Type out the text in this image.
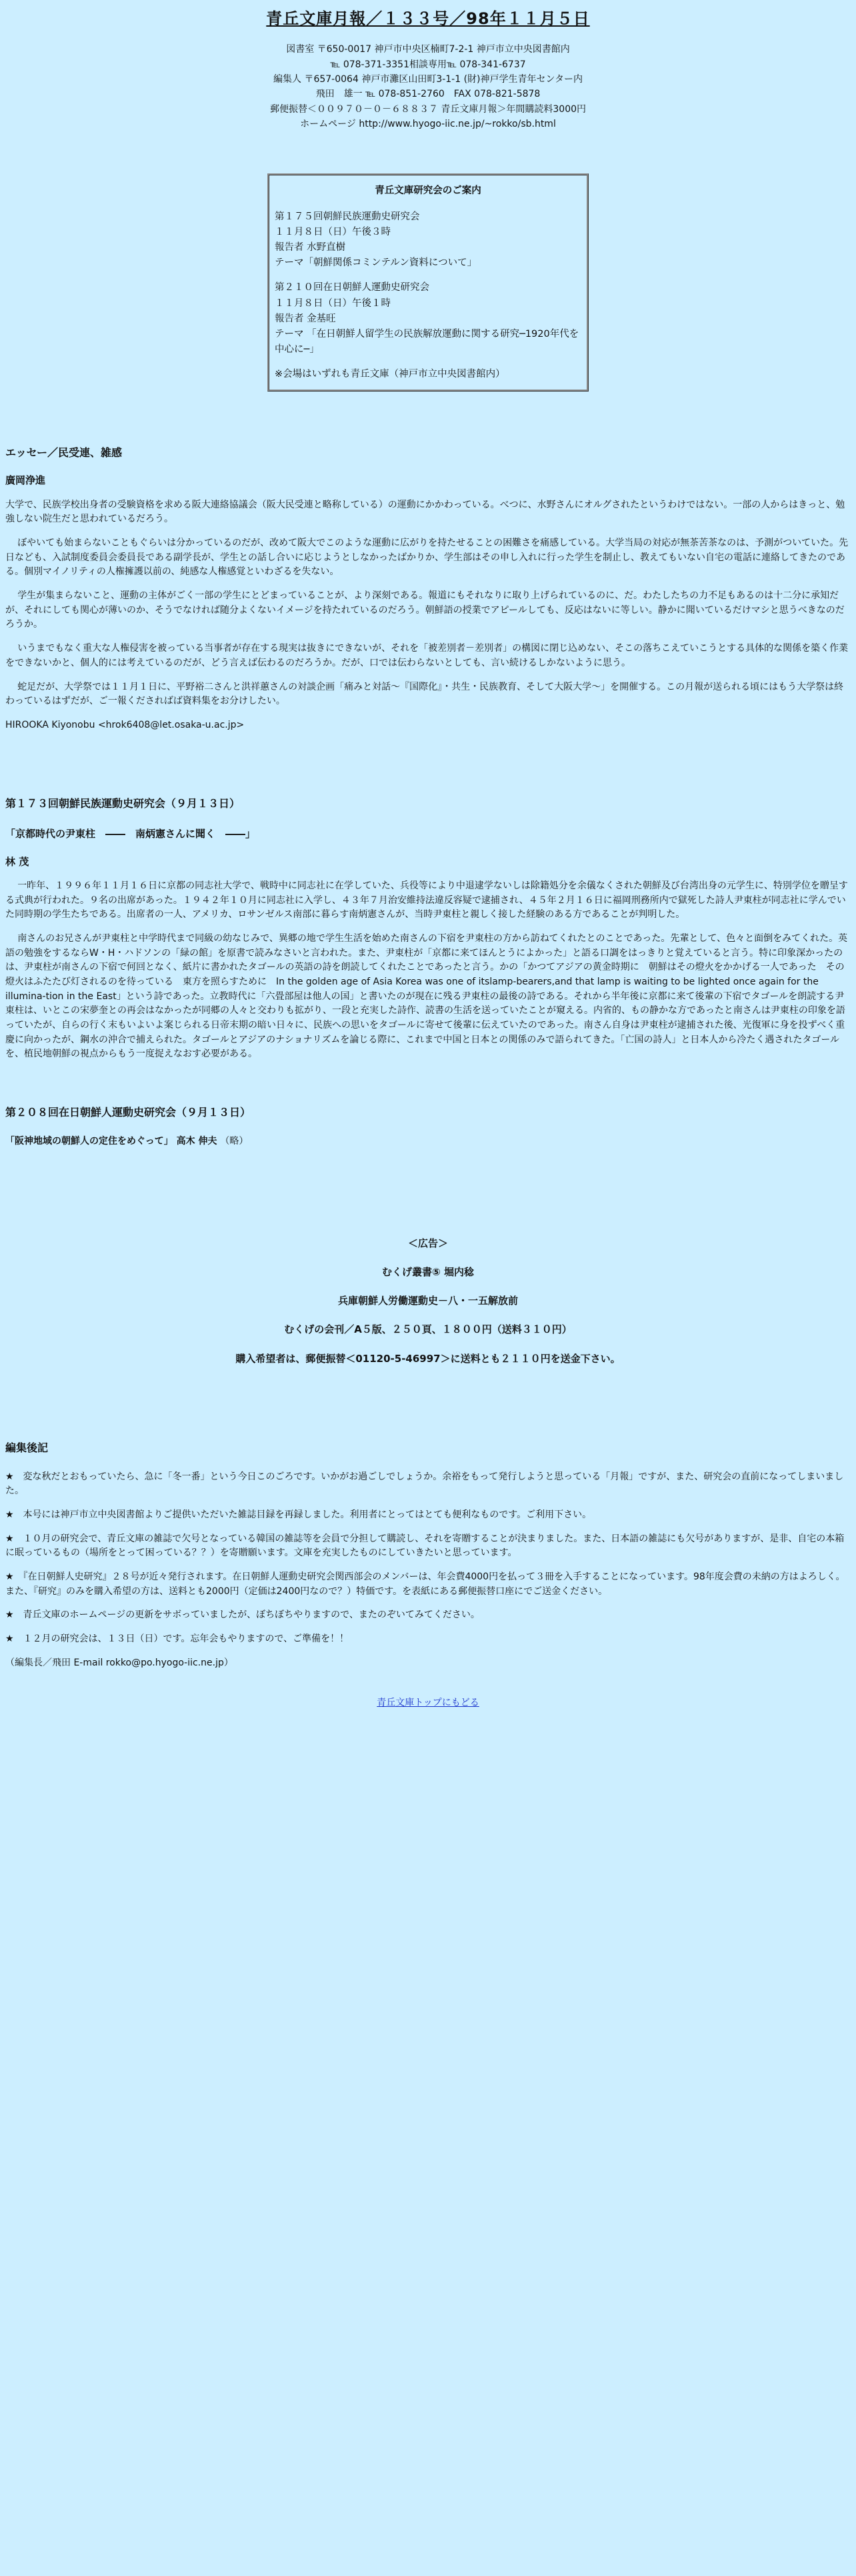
青丘文庫月報／１３３号／98年１１月５日
図書室 〒650-0017 神戸市中央区楠町7-2-1 神戸市立中央図書館内
℡ 078-371-3351相談専用℡ 078-341-6737
編集人 〒657-0064 神戸市灘区山田町3-1-1 (財)神戸学生青年センター内
飛田　雄一 ℡ 078-851-2760　FAX 078-821-5878
郵便振替＜００９７０－０－６８８３７ 青丘文庫月報＞年間購読料3000円
ホームページ http://www.hyogo-iic.ne.jp/~rokko/sb.html
青丘文庫研究会のご案内
第１７５回朝鮮民族運動史研究会
１１月８日（日）午後３時
報告者 水野直樹
テーマ「朝鮮関係コミンテルン資料について」
第２１０回在日朝鮮人運動史研究会
１１月８日（日）午後１時
報告者 金基旺
テーマ 「在日朝鮮人留学生の民族解放運動に関する研究─1920年代を中心に─」
※会場はいずれも青丘文庫（神戸市立中央図書館内）
エッセー／民受連、雑感
廣岡浄進

大学で、民族学校出身者の受験資格を求める阪大連絡協議会（阪大民受連と略称している）の運動にかかわっている。べつに、水野さんにオルグされたというわけではない。一部の人からはきっと、勉強しない院生だと思われているだろう。

ぼやいても始まらないこともぐらいは分かっているのだが、改めて阪大でこのような運動に広がりを持たせることの困難さを痛感している。大学当局の対応が無茶苦茶なのは、予測がついていた。先日なども、入試制度委員会委員長である副学長が、学生との話し合いに応じようとしなかったばかりか、学生部はその申し入れに行った学生を制止し、教えてもいない自宅の電話に連絡してきたのである。個別マイノリティの人権擁護以前の、純感な人権感覚といわざるを失ない。

学生が集まらないこと、運動の主体がごく一部の学生にとどまっていることが、より深刻である。報道にもそれなりに取り上げられているのに、だ。わたしたちの力不足もあるのは十二分に承知だが、それにしても関心が薄いのか、そうでなければ随分よくないイメージを持たれているのだろう。朝鮮語の授業でアピールしても、反応はないに等しい。静かに聞いているだけマシと思うべきなのだろうか。

いうまでもなく重大な人権侵害を被っている当事者が存在する現実は抜きにできないが、それを「被差別者－差別者」の構図に閉じ込めない、そこの落ちこえていこうとする具体的な関係を築く作業をできないかと、個人的には考えているのだが、どう言えば伝わるのだろうか。だが、口では伝わらないとしても、言い続けるしかないように思う。

蛇足だが、大学祭では１１月１日に、平野裕二さんと洪祥蕙さんの対談企画「痛みと対話～『国際化』・共生・民族教育、そして大阪大学～」を開催する。この月報が送られる頃にはもう大学祭は終わっているはずだが、ご一報くださればば資料集をお分けしたい。

HIROOKA Kiyonobu <hrok6408@let.osaka-u.ac.jp>

第１７３回朝鮮民族運動史研究会（９月１３日）
「京都時代の尹東柱　――　南炳憲さんに聞く　――」
林 茂

一昨年、１９９６年１１月１６日に京都の同志社大学で、戦時中に同志社に在学していた、兵役等により中退逮学ないしは除籍処分を余儀なくされた朝鮮及び台湾出身の元学生に、特別学位を贈呈する式典が行われた。９名の出席があった。１９４２年１０月に同志社に入学し、４３年７月治安維持法違反容疑で逮捕され、４５年２月１６日に福岡刑務所内で獄死した詩人尹東柱が同志社に学んでいた同時期の学生たちである。出席者の一人、アメリカ、ロサンゼルス南部に暮らす南炳憲さんが、当時尹東柱と親しく接した経験のある方であることが判明した。

南さんのお兄さんが尹東柱と中学時代まで同級の幼なじみで、異郷の地で学生生活を始めた南さんの下宿を尹東柱の方から訪ねてくれたとのことであった。先輩として、色々と面倒をみてくれた。英語の勉強をするならW・H・ハドソンの「緑の館」を原書で読みなさいと言われた。また、尹東柱が「京都に来てほんとうによかった」と語る口調をはっきりと覚えていると言う。特に印象深かったのは、尹東柱が南さんの下宿で何回となく、紙片に書かれたタゴールの英語の詩を朗読してくれたことであったと言う。かの「かつてアジアの黄金時期に　朝鮮はその燈火をかかげる一人であった　その燈火はふたたび灯されるのを待っている　東方を照らすために　In the golden age of Asia Korea was one of itslamp-bearers,and that lamp is waiting to be lighted once again for the illumina-tion in the East」という詩であった。立教時代に「六畳部屋は他人の国」と書いたのが現在に残る尹東柱の最後の詩である。それから半年後に京都に来て後輩の下宿でタゴールを朗読する尹東柱は、いとこの宋夢奎との再会はなかったが同郷の人々と交わりも拡がり、一段と充実した詩作、読書の生活を送っていたことが窺える。内省的、もの静かな方であったと南さんは尹東柱の印象を語っていたが、自らの行く末もいよいよ案じられる日帝末期の暗い日々に、民族への思いをタゴールに寄せて後輩に伝えていたのであった。南さん自身は尹東柱が逮捕された後、光復軍に身を投ずべく重慶に向かったが、鋼水の沖合で捕えられた。タゴールとアジアのナショナリズムを論じる際に、これまで中国と日本との関係のみで語られてきた。「亡国の詩人」と日本人から冷たく遇されたタゴールを、植民地朝鮮の視点からもう一度捉えなおす必要がある。

第２０８回在日朝鮮人運動史研究会（９月１３日）

「阪神地域の朝鮮人の定住をめぐって」 高木 伸夫 （略）

＜広告＞
むくげ叢書⑤ 堀内稔
兵庫朝鮮人労働運動史－八・一五解放前
むくげの会刊／A５版、２５０頁、１８００円（送料３１０円）
購入希望者は、郵便振替＜01120-5-46997＞に送料とも２１１０円を送金下さい。
編集後記

★　変な秋だとおもっていたら、急に「冬一番」という今日このごろです。いかがお過ごしでしょうか。余裕をもって発行しようと思っている「月報」ですが、また、研究会の直前になってしまいました。

★　本号には神戸市立中央図書館よりご提供いただいた雑誌目録を再録しました。利用者にとってはとても便利なものです。ご利用下さい。

★　１０月の研究会で、青丘文庫の雑誌で欠号となっている韓国の雑誌等を会員で分担して購読し、それを寄贈することが決まりました。また、日本語の雑誌にも欠号がありますが、是非、自宅の本箱に眠っているもの（場所をとって困っている？？）を寄贈願います。文庫を充実したものにしていきたいと思っています。

★　『在日朝鮮人史研究』２８号が近々発行されます。在日朝鮮人運動史研究会関西部会のメンバーは、年会費4000円を払って３冊を入手することになっています。98年度会費の未納の方はよろしく。また、『研究』のみを購入希望の方は、送料とも2000円（定価は2400円なので？）特価です。を表紙にある郵便振替口座にでご送金ください。

★　青丘文庫のホームページの更新をサボっていましたが、ぼちぼちやりますので、またのぞいてみてください。

★　１２月の研究会は、１３日（日）です。忘年会もやりますので、ご準備を！！

（編集長／飛田 E-mail rokko@po.hyogo-iic.ne.jp）

青丘文庫トップにもどる
